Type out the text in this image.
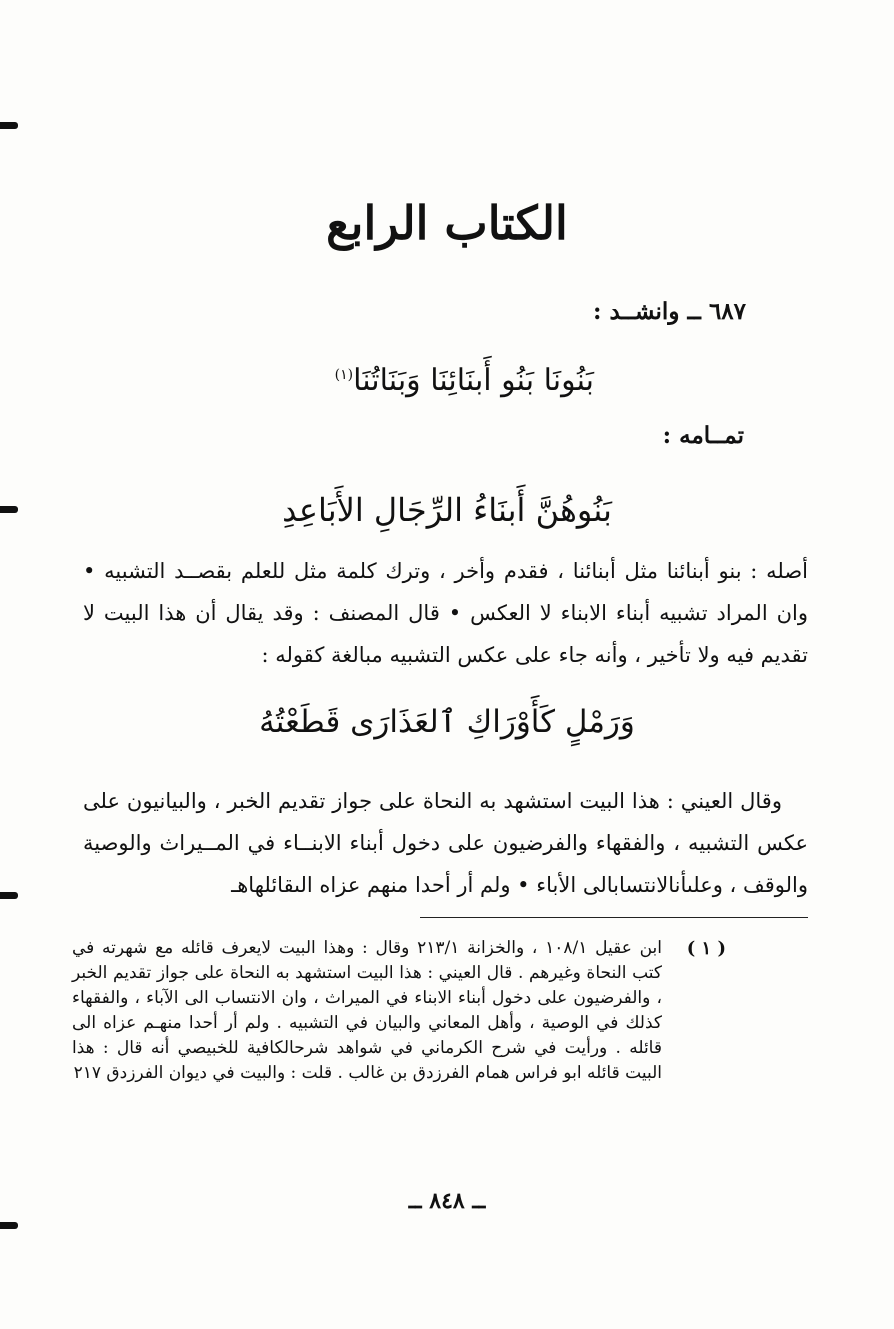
الكتاب الرابع
٦٨٧ ــ وانشــد :
بَنُونَا بَنُو أَبنَائِنَا وَبَنَاتُنَا$^{(١)}$
تمــامه :
بَنُوهُنَّ أَبنَاءُ الرِّجَالِ الأَبَاعِدِ
أصله : بنو أبنائنا مثل أبنائنا ، فقدم وأخر ، وترك كلمة مثل للعلم بقصــد التشبيه • وان المراد تشبيه أبناء الابناء لا العكس • قال المصنف : وقد يقال أن هذا البيت لا تقديم فيه ولا تأخير ، وأنه جاء على عكس التشبيه مبالغة كقوله :
وَرَمْلٍ كَأَوْرَاكِ ٱلعَذَارَى قَطَعْتُهُ
وقال العيني : هذا البيت استشهد به النحاة على جواز تقديم الخبر ، والبيانيون على عكس التشبيه ، والفقهاء والفرضيون على دخول أبناء الابنــاء في المــيراث والوصية والوقف ، وعلىأنالانتسابالى الأباء • ولم أر أحدا منهم عزاه الىقائلهاهـ
( ١ )
ابن عقيل ١٠٨/١ ، والخزانة ٢١٣/١ وقال : وهذا البيت لايعرف قائله مع شهرته في كتب النحاة وغيرهم . قال العيني : هذا البيت استشهد به النحاة على جواز تقديم الخبر ، والفرضيون على دخول أبناء الابناء في الميراث ، وان الانتساب الى الآباء ، والفقهاء كذلك في الوصية ، وأهل المعاني والبيان في التشبيه . ولم أر أحدا منهـم عزاه الى قائله . ورأيت في شرح الكرماني في شواهد شرحالكافية للخبيصي أنه قال : هذا البيت قائله ابو فراس همام الفرزدق بن غالب . قلت : والبيت في ديوان الفرزدق ٢١٧
ــ ٨٤٨ ــ
